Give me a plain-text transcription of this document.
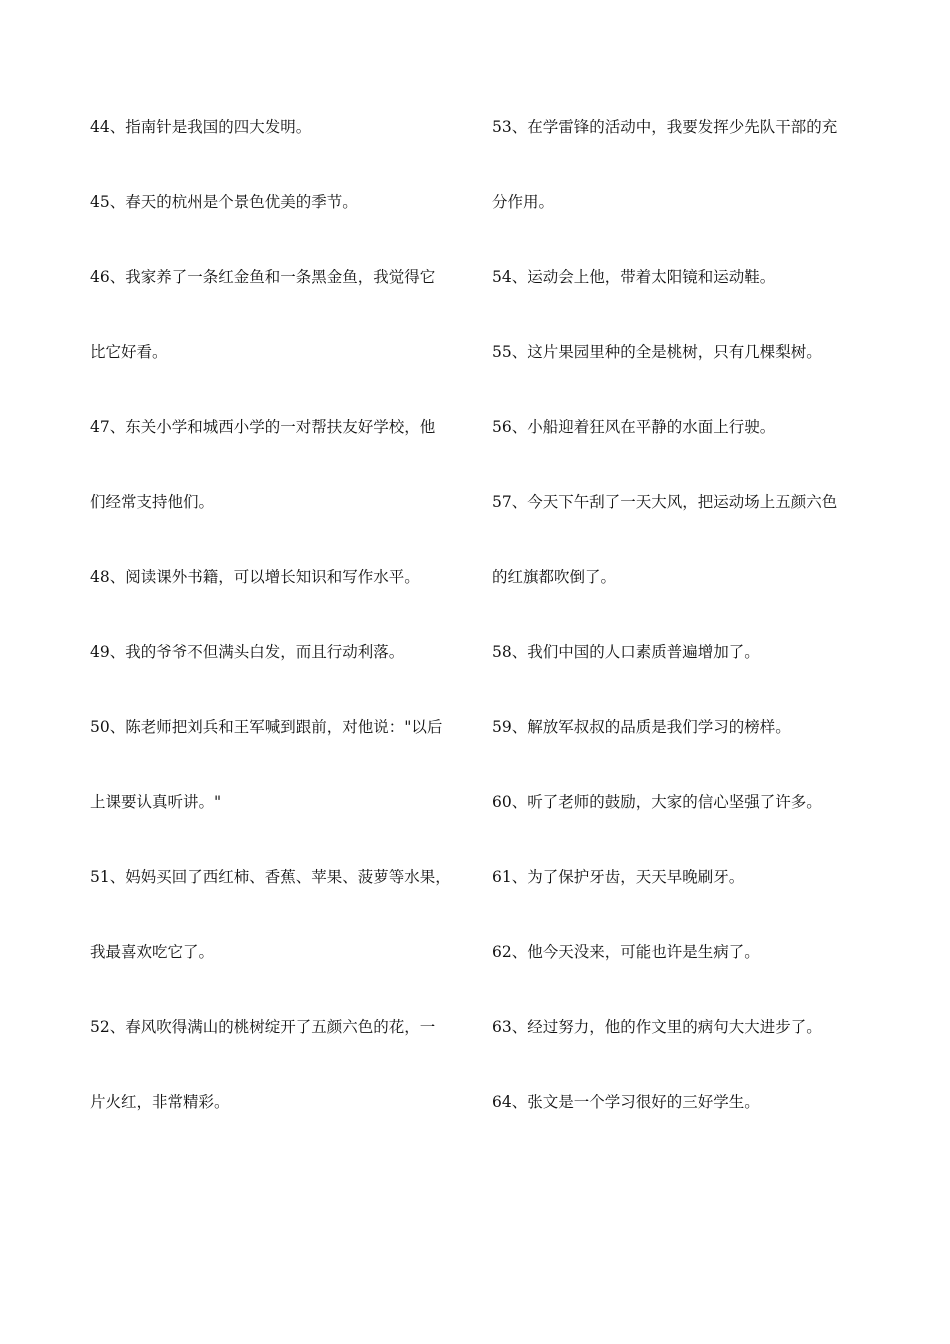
44、指南针是我国的四大发明。
45、春天的杭州是个景色优美的季节。
46、我家养了一条红金鱼和一条黑金鱼，我觉得它
比它好看。
47、东关小学和城西小学的一对帮扶友好学校，他
们经常支持他们。
48、阅读课外书籍，可以增长知识和写作水平。
49、我的爷爷不但满头白发，而且行动利落。
50、陈老师把刘兵和王军喊到跟前，对他说："以后
上课要认真听讲。"
51、妈妈买回了西红柿、香蕉、苹果、菠萝等水果，
我最喜欢吃它了。
52、春风吹得满山的桃树绽开了五颜六色的花，一
片火红，非常精彩。
53、在学雷锋的活动中，我要发挥少先队干部的充
分作用。
54、运动会上他，带着太阳镜和运动鞋。
55、这片果园里种的全是桃树，只有几棵梨树。
56、小船迎着狂风在平静的水面上行驶。
57、今天下午刮了一天大风，把运动场上五颜六色
的红旗都吹倒了。
58、我们中国的人口素质普遍增加了。
59、解放军叔叔的品质是我们学习的榜样。
60、听了老师的鼓励，大家的信心坚强了许多。
61、为了保护牙齿，天天早晚刷牙。
62、他今天没来，可能也许是生病了。
63、经过努力，他的作文里的病句大大进步了。
64、张文是一个学习很好的三好学生。
